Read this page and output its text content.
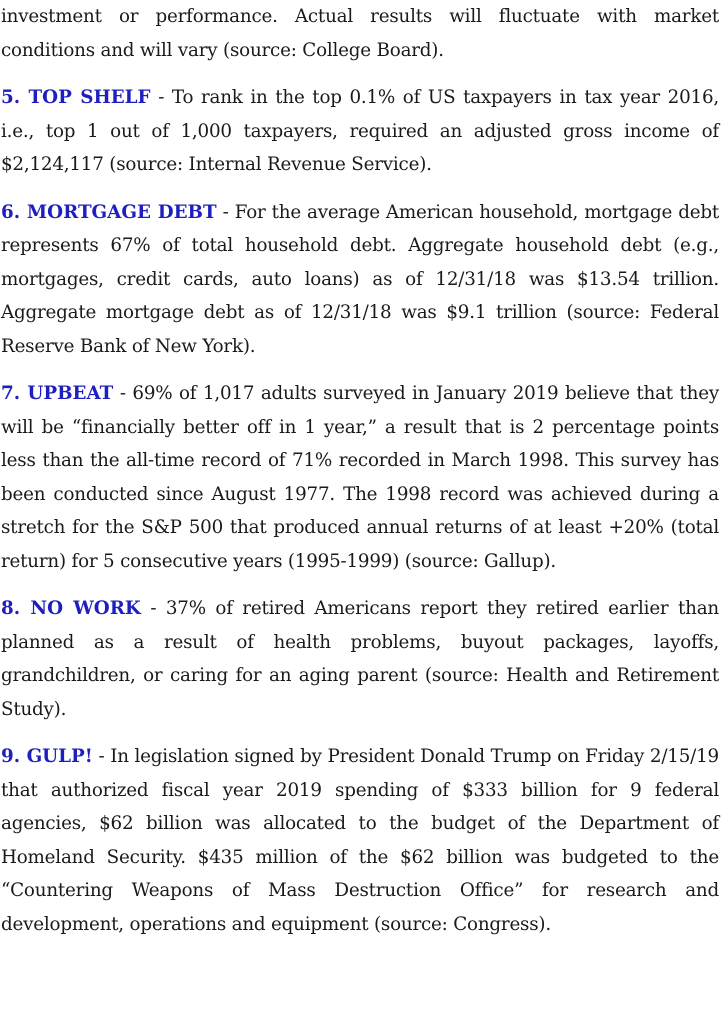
investment or performance. Actual results will fluctuate with market conditions and will vary (source: College Board).

5. TOP SHELF - To rank in the top 0.1% of US taxpayers in tax year 2016, i.e., top 1 out of 1,000 taxpayers, required an adjusted gross income of $2,124,117 (source: Internal Revenue Service).

6. MORTGAGE DEBT - For the average American household, mortgage debt represents 67% of total household debt. Aggregate household debt (e.g., mortgages, credit cards, auto loans) as of 12/31/18 was $13.54 trillion. Aggregate mortgage debt as of 12/31/18 was $9.1 trillion (source: Federal Reserve Bank of New York).

7. UPBEAT - 69% of 1,017 adults surveyed in January 2019 believe that they will be “financially better off in 1 year,” a result that is 2 percentage points less than the all-time record of 71% recorded in March 1998. This survey has been conducted since August 1977. The 1998 record was achieved during a stretch for the S&P 500 that produced annual returns of at least +20% (total return) for 5 consecutive years (1995-1999) (source: Gallup).

8. NO WORK - 37% of retired Americans report they retired earlier than planned as a result of health problems, buyout packages, layoffs, grandchildren, or caring for an aging parent (source: Health and Retirement Study).

9. GULP! - In legislation signed by President Donald Trump on Friday 2/15/19 that authorized fiscal year 2019 spending of $333 billion for 9 federal agencies, $62 billion was allocated to the budget of the Department of Homeland Security. $435 million of the $62 billion was budgeted to the “Countering Weapons of Mass Destruction Office” for research and development, operations and equipment (source: Congress).
